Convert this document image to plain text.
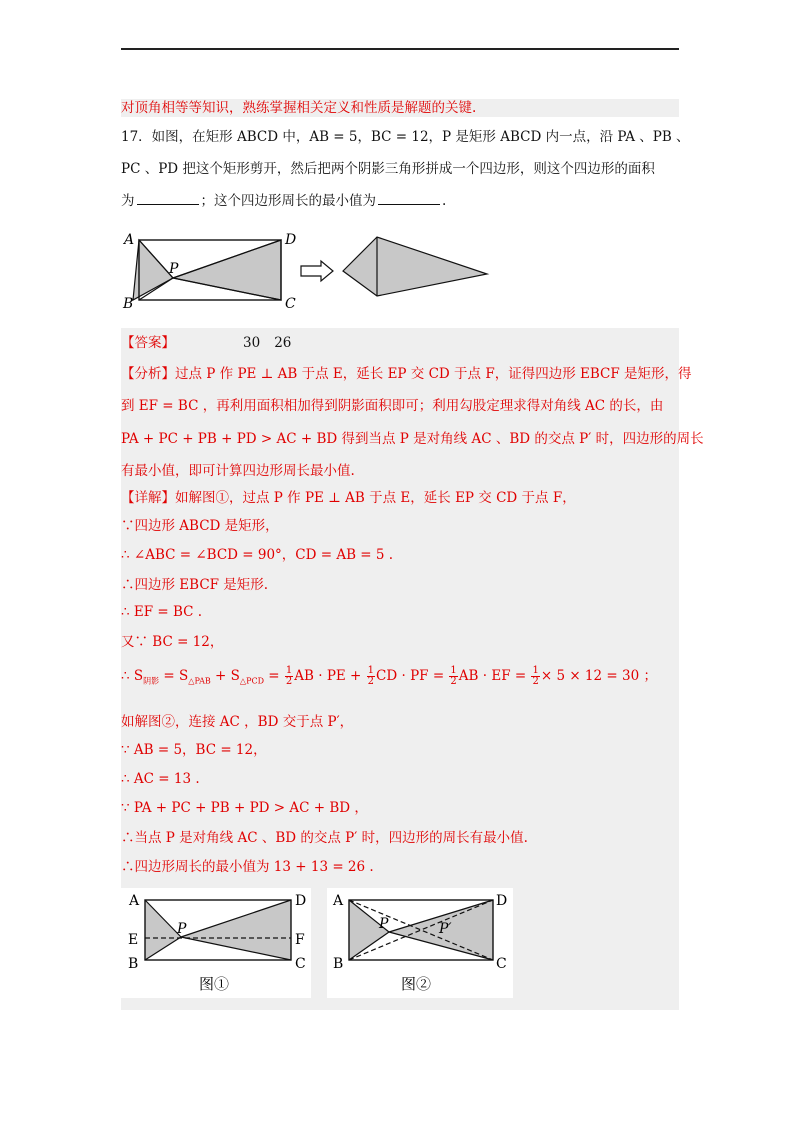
对顶角相等等知识，熟练掌握相关定义和性质是解题的关键.
17．如图，在矩形 ABCD 中，AB = 5，BC = 12，P 是矩形 ABCD 内一点，沿 PA 、PB 、
PC 、PD 把这个矩形剪开，然后把两个阴影三角形拼成一个四边形，则这个四边形的面积
为	；这个四边形周长的最小值为	.
A
B	C
D
P
【答案】	30 26
【分析】过点 P 作 PE ⊥ AB 于点 E，延长 EP 交 CD 于点 F，证得四边形 EBCF 是矩形，得
到 EF = BC ，再利用面积相加得到阴影面积即可；利用勾股定理求得对角线 AC 的长，由
PA + PC + PB + PD > AC + BD 得到当点 P 是对角线 AC 、BD 的交点 P′ 时，四边形的周长
有最小值，即可计算四边形周长最小值.
【详解】如解图①，过点 P 作 PE ⊥ AB 于点 E，延长 EP 交 CD 于点 F，
∵四边形 ABCD 是矩形，
∴ ∠ABC = ∠BCD = 90°，CD = AB = 5 .
∴四边形 EBCF 是矩形.
∴ EF = BC .
又∵ BC = 12，
∴ $S_{阴影} = S_{\triangle PAB} + S_{\triangle PCD} = \frac{1}{2}$ AB · PE + $\frac{1}{2}$ CD · PF = $\frac{1}{2}$ AB · EF = $\frac{1}{2} \times 5 \times 12 = 30$ ；
如解图②，连接 AC ，BD 交于点 P′，
∵ AB = 5，BC = 12，
∴ AC = 13 .
∵ PA + PC + PB + PD > AC + BD ，
∴当点 P 是对角线 AC 、BD 的交点 P′ 时，四边形的周长有最小值.
∴四边形周长的最小值为 13 + 13 = 26 .
A
E
B
D
F
C
P
图①
A
B
D
C
P	P′
图②
